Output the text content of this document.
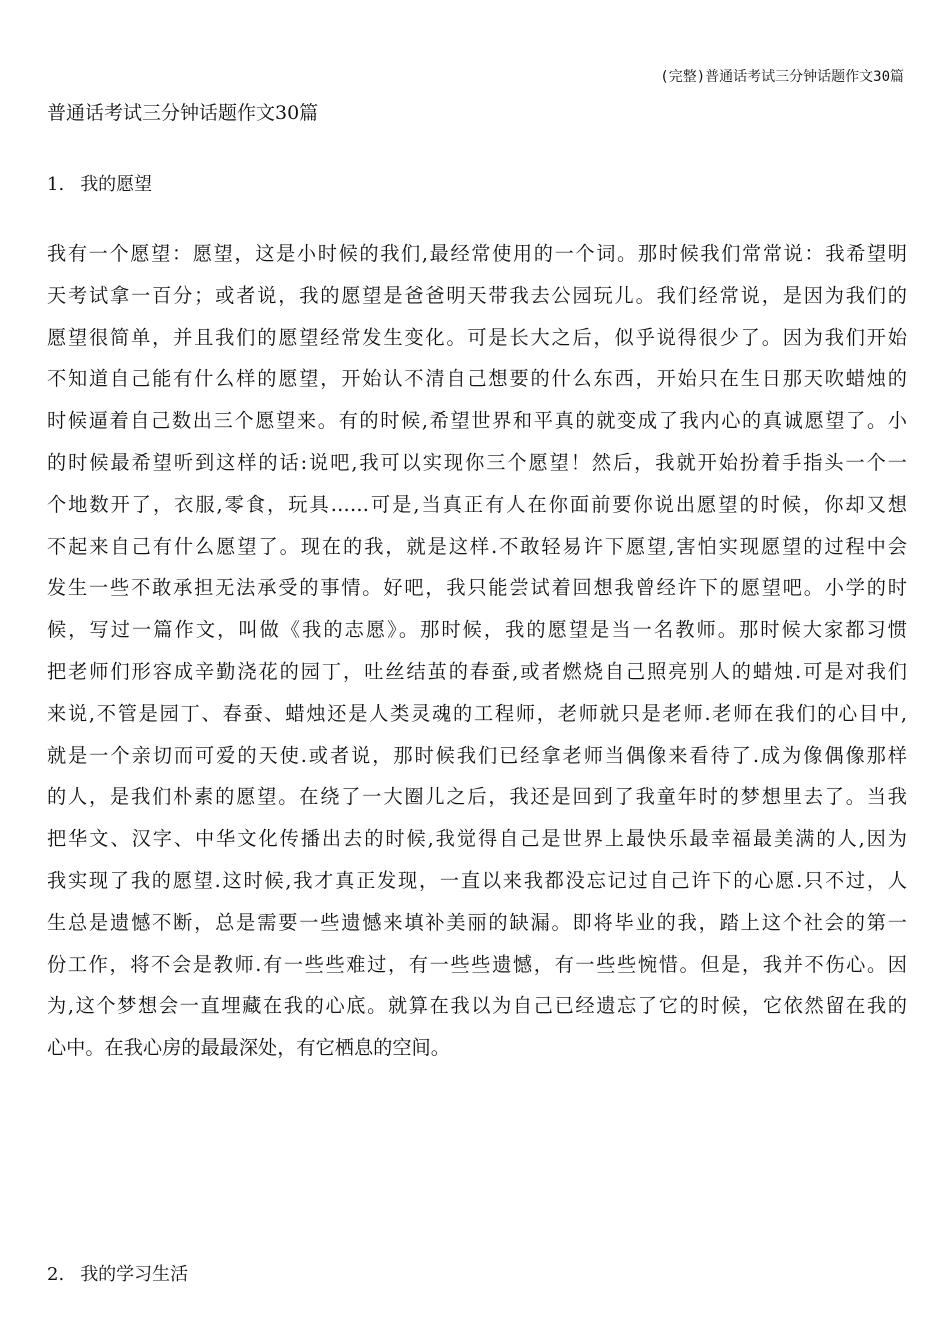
(完整)普通话考试三分钟话题作文30篇
普通话考试三分钟话题作文30篇
1. 我的愿望
我有一个愿望：愿望，这是小时候的我们,最经常使用的一个词。那时候我们常常说：我希望明
天考试拿一百分；或者说，我的愿望是爸爸明天带我去公园玩儿。我们经常说，是因为我们的
愿望很简单，并且我们的愿望经常发生变化。可是长大之后，似乎说得很少了。因为我们开始
不知道自己能有什么样的愿望，开始认不清自己想要的什么东西，开始只在生日那天吹蜡烛的
时候逼着自己数出三个愿望来。有的时候,希望世界和平真的就变成了我内心的真诚愿望了。小
的时候最希望听到这样的话:说吧,我可以实现你三个愿望！然后，我就开始扮着手指头一个一
个地数开了，衣服,零食，玩具……可是,当真正有人在你面前要你说出愿望的时候，你却又想
不起来自己有什么愿望了。现在的我，就是这样.不敢轻易许下愿望,害怕实现愿望的过程中会
发生一些不敢承担无法承受的事情。好吧，我只能尝试着回想我曾经许下的愿望吧。小学的时
候，写过一篇作文，叫做《我的志愿》。那时候，我的愿望是当一名教师。那时候大家都习惯
把老师们形容成辛勤浇花的园丁，吐丝结茧的春蚕,或者燃烧自己照亮别人的蜡烛.可是对我们
来说,不管是园丁、春蚕、蜡烛还是人类灵魂的工程师，老师就只是老师.老师在我们的心目中,
就是一个亲切而可爱的天使.或者说，那时候我们已经拿老师当偶像来看待了.成为像偶像那样
的人，是我们朴素的愿望。在绕了一大圈儿之后，我还是回到了我童年时的梦想里去了。当我
把华文、汉字、中华文化传播出去的时候,我觉得自己是世界上最快乐最幸福最美满的人,因为
我实现了我的愿望.这时候,我才真正发现，一直以来我都没忘记过自己许下的心愿.只不过，人
生总是遗憾不断，总是需要一些遗憾来填补美丽的缺漏。即将毕业的我，踏上这个社会的第一
份工作，将不会是教师.有一些些难过，有一些些遗憾，有一些些惋惜。但是，我并不伤心。因
为,这个梦想会一直埋藏在我的心底。就算在我以为自己已经遗忘了它的时候，它依然留在我的
心中。在我心房的最最深处，有它栖息的空间。
2. 我的学习生活
